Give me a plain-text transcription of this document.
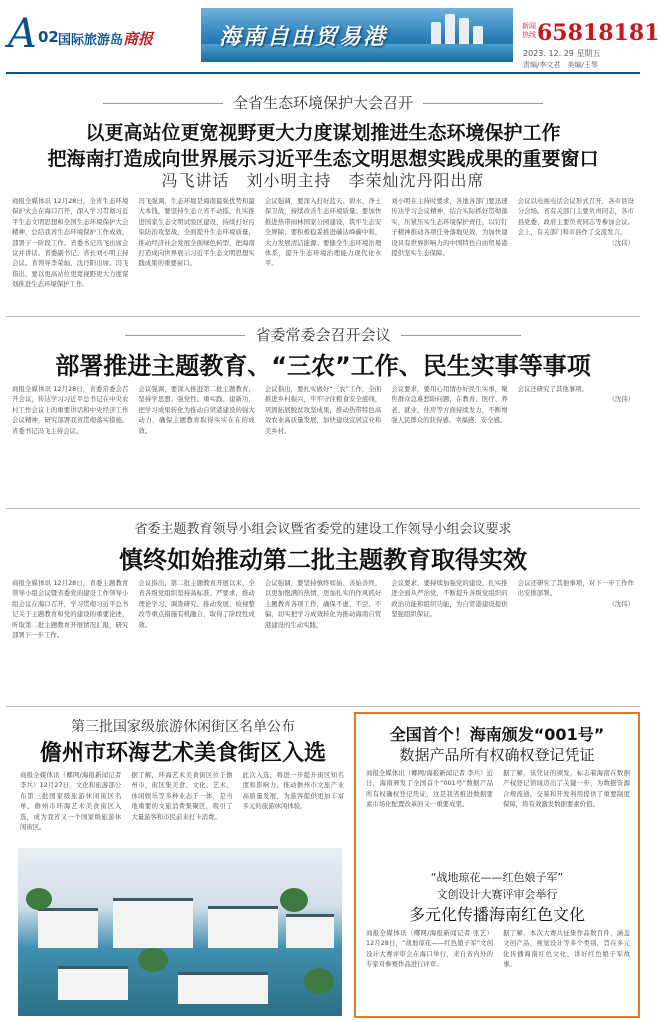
A 02 国际旅游岛商报	海南自由贸易港	新闻热线 65818181
2023. 12. 29 星期五
责编/李文君　美编/王琴
全省生态环境保护大会召开
以更高站位更宽视野更大力度谋划推进生态环境保护工作
把海南打造成向世界展示习近平生态文明思想实践成果的重要窗口
冯飞讲话　刘小明主持　李荣灿沈丹阳出席
商报全媒体讯 12月28日，全省生态环境保护大会在海口召开，深入学习贯彻习近平生态文明思想和全国生态环境保护大会精神，总结我省生态环境保护工作成效，部署下一阶段工作。省委书记冯飞出席会议并讲话。省委副书记、省长刘小明主持会议。省领导李荣灿、沈丹阳出席。冯飞指出，要以更高站位更宽视野更大力度谋划推进生态环境保护工作。
冯飞强调，生态环境是海南最强优势和最大本钱，要坚持生态立省不动摇，扎实推进国家生态文明试验区建设，持续打好污染防治攻坚战，全面提升生态环境质量，推动经济社会发展全面绿色转型，把海南打造成向世界展示习近平生态文明思想实践成果的重要窗口。
会议强调，要深入打好蓝天、碧水、净土保卫战，持续改善生态环境质量；要加快推进热带雨林国家公园建设，筑牢生态安全屏障；要积极稳妥推进碳达峰碳中和，大力发展清洁能源；要健全生态环境治理体系，提升生态环境治理能力现代化水平。
刘小明在主持时要求，各地各部门要迅速传达学习会议精神，结合实际抓好贯彻落实，压紧压实生态环境保护责任，以钉钉子精神推动各项任务落地见效，为加快建设具有世界影响力的中国特色自由贸易港提供坚实生态保障。
会议以电视电话会议形式召开，各市县设分会场。省有关部门主要负责同志，各市县党委、政府主要负责同志等参加会议。会上，有关部门和市县作了交流发言。
（沈伟）
省委常委会召开会议
部署推进主题教育、“三农”工作、民生实事等事项
商报全媒体讯 12月28日，省委常委会召开会议，传达学习习近平总书记在中央农村工作会议上的重要讲话和中央经济工作会议精神，研究部署我省贯彻落实措施。省委书记冯飞主持会议。
会议强调，要深入推进第二批主题教育，坚持学思想、强党性、重实践、建新功，把学习成果转化为推动自贸港建设的强大动力，确保主题教育取得实实在在的成效。
会议指出，要扎实做好“三农”工作，全面推进乡村振兴，牢牢守住粮食安全底线，巩固拓展脱贫攻坚成果，推动热带特色高效农业高质量发展，加快建设宜居宜业和美乡村。
会议要求，要用心用情办好民生实事，聚焦群众急难愁盼问题，在教育、医疗、养老、就业、住房等方面持续发力，不断增强人民群众的获得感、幸福感、安全感。
会议还研究了其他事项。
（沈伟）
省委主题教育领导小组会议暨省委党的建设工作领导小组会议要求
慎终如始推动第二批主题教育取得实效
商报全媒体讯 12月28日，省委主题教育领导小组会议暨省委党的建设工作领导小组会议在海口召开，学习贯彻习近平总书记关于主题教育和党的建设的重要论述，听取第二批主题教育开展情况汇报，研究部署下一步工作。
会议指出，第二批主题教育开展以来，全省各级党组织坚持高标准、严要求，推动理论学习、调查研究、推动发展、检视整改等重点措施有机融合，取得了阶段性成效。
会议强调，要坚持慎终如始、善始善终，以更加饱满的热情、更加扎实的作风抓好主题教育各项工作，确保不虚、不空、不偏，切实把学习成效转化为推动海南自贸港建设的生动实践。
会议要求，要持续加强党的建设，扎实推进全面从严治党，不断提升各级党组织的政治功能和组织功能，为自贸港建设提供坚强组织保证。
会议还研究了其他事项，对下一步工作作出安排部署。
（沈伟）
第三批国家级旅游休闲街区名单公布
儋州市环海艺术美食街区入选
商报全媒体讯（椰网/海报新闻记者 李兵）12月27日，文化和旅游部公布第三批国家级旅游休闲街区名单，儋州市环海艺术美食街区入选，成为我省又一个国家级旅游休闲街区。
据了解，环海艺术美食街区位于儋州市，街区集美食、文化、艺术、休闲娱乐等多种业态于一体，是当地重要的文旅消费集聚区，吸引了大量游客和市民前来打卡消费。
此次入选，将进一步提升街区知名度和影响力，推动儋州市文旅产业高质量发展，为游客提供更加丰富多元的旅游休闲体验。
全国首个！海南颁发“001号”
数据产品所有权确权登记凭证
商报全媒体讯（椰网/海报新闻记者 李兵）近日，海南颁发了全国首个“001号”数据产品所有权确权登记凭证，这是我省推进数据要素市场化配置改革的又一重要成果。
据了解，该凭证的颁发，标志着海南在数据产权登记领域迈出了关键一步，为数据资源合规流通、交易和开发利用提供了重要制度保障，将有效激发数据要素价值。
“战地琼花——红色娘子军”
文创设计大赛评审会举行
多元化传播海南红色文化
商报全媒体讯（椰网/海报新闻记者 张艺）12月28日，“战地琼花——红色娘子军”文创设计大赛评审会在海口举行，来自省内外的专家对参赛作品进行评审。
据了解，本次大赛共征集作品数百件，涵盖文创产品、视觉设计等多个类别，旨在多元化传播海南红色文化，讲好红色娘子军故事。
